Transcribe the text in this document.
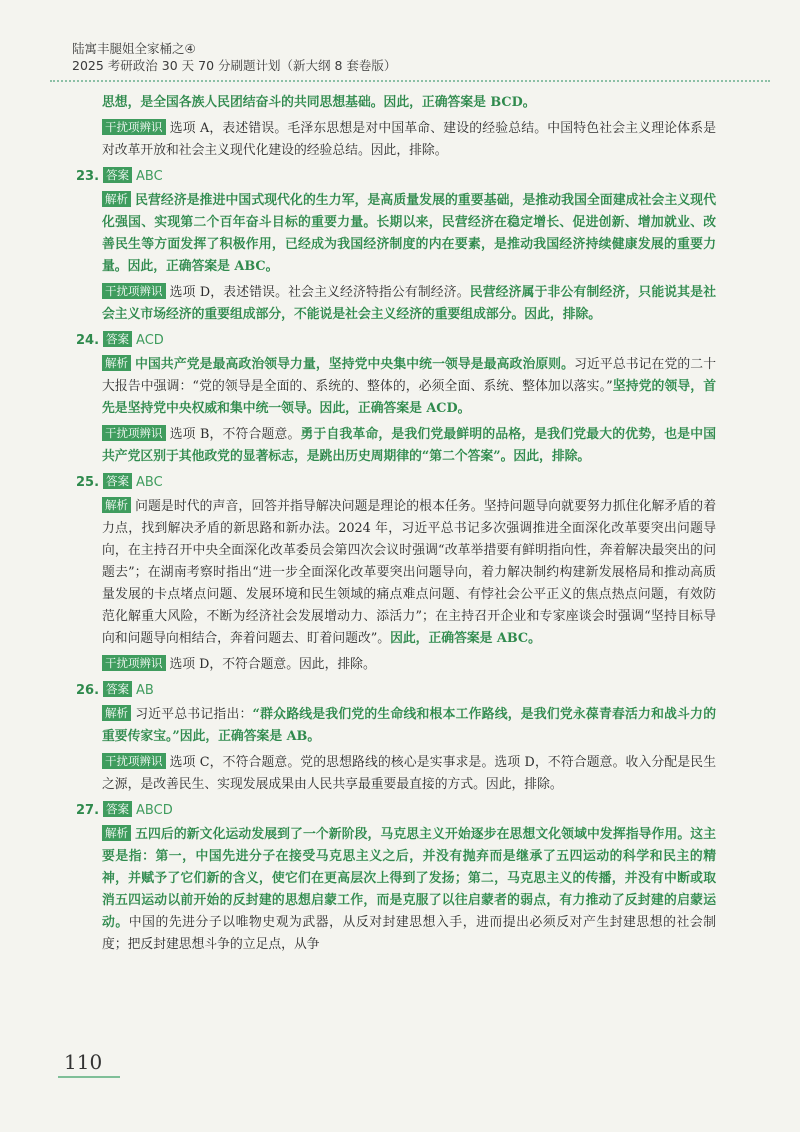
陆寓丰腿姐全家桶之④
2025 考研政治 30 天 70 分刷题计划（新大纲 8 套卷版）

思想，是全国各族人民团结奋斗的共同思想基础。因此，正确答案是 BCD。

干扰项辨识 选项 A，表述错误。毛泽东思想是对中国革命、建设的经验总结。中国特色社会主义理论体系是对改革开放和社会主义现代化建设的经验总结。因此，排除。

23. 答案 ABC

解析 民营经济是推进中国式现代化的生力军，是高质量发展的重要基础，是推动我国全面建成社会主义现代化强国、实现第二个百年奋斗目标的重要力量。长期以来，民营经济在稳定增长、促进创新、增加就业、改善民生等方面发挥了积极作用，已经成为我国经济制度的内在要素，是推动我国经济持续健康发展的重要力量。因此，正确答案是 ABC。

干扰项辨识 选项 D，表述错误。社会主义经济特指公有制经济。民营经济属于非公有制经济，只能说其是社会主义市场经济的重要组成部分，不能说是社会主义经济的重要组成部分。因此，排除。

24. 答案 ACD

解析 中国共产党是最高政治领导力量，坚持党中央集中统一领导是最高政治原则。习近平总书记在党的二十大报告中强调：“党的领导是全面的、系统的、整体的，必须全面、系统、整体加以落实。”坚持党的领导，首先是坚持党中央权威和集中统一领导。因此，正确答案是 ACD。

干扰项辨识 选项 B，不符合题意。勇于自我革命，是我们党最鲜明的品格，是我们党最大的优势，也是中国共产党区别于其他政党的显著标志，是跳出历史周期律的“第二个答案”。因此，排除。

25. 答案 ABC

解析 问题是时代的声音，回答并指导解决问题是理论的根本任务。坚持问题导向就要努力抓住化解矛盾的着力点，找到解决矛盾的新思路和新办法。2024 年，习近平总书记多次强调推进全面深化改革要突出问题导向，在主持召开中央全面深化改革委员会第四次会议时强调“改革举措要有鲜明指向性，奔着解决最突出的问题去”；在湖南考察时指出“进一步全面深化改革要突出问题导向，着力解决制约构建新发展格局和推动高质量发展的卡点堵点问题、发展环境和民生领域的痛点难点问题、有悖社会公平正义的焦点热点问题，有效防范化解重大风险，不断为经济社会发展增动力、添活力”；在主持召开企业和专家座谈会时强调“坚持目标导向和问题导向相结合，奔着问题去、盯着问题改”。因此，正确答案是 ABC。

干扰项辨识 选项 D，不符合题意。因此，排除。

26. 答案 AB

解析 习近平总书记指出：“群众路线是我们党的生命线和根本工作路线，是我们党永葆青春活力和战斗力的重要传家宝。”因此，正确答案是 AB。

干扰项辨识 选项 C，不符合题意。党的思想路线的核心是实事求是。选项 D，不符合题意。收入分配是民生之源，是改善民生、实现发展成果由人民共享最重要最直接的方式。因此，排除。

27. 答案 ABCD

解析 五四后的新文化运动发展到了一个新阶段，马克思主义开始逐步在思想文化领域中发挥指导作用。这主要是指：第一，中国先进分子在接受马克思主义之后，并没有抛弃而是继承了五四运动的科学和民主的精神，并赋予了它们新的含义，使它们在更高层次上得到了发扬；第二，马克思主义的传播，并没有中断或取消五四运动以前开始的反封建的思想启蒙工作，而是克服了以往启蒙者的弱点，有力推动了反封建的启蒙运动。中国的先进分子以唯物史观为武器，从反对封建思想入手，进而提出必须反对产生封建思想的社会制度；把反封建思想斗争的立足点，从争

110
